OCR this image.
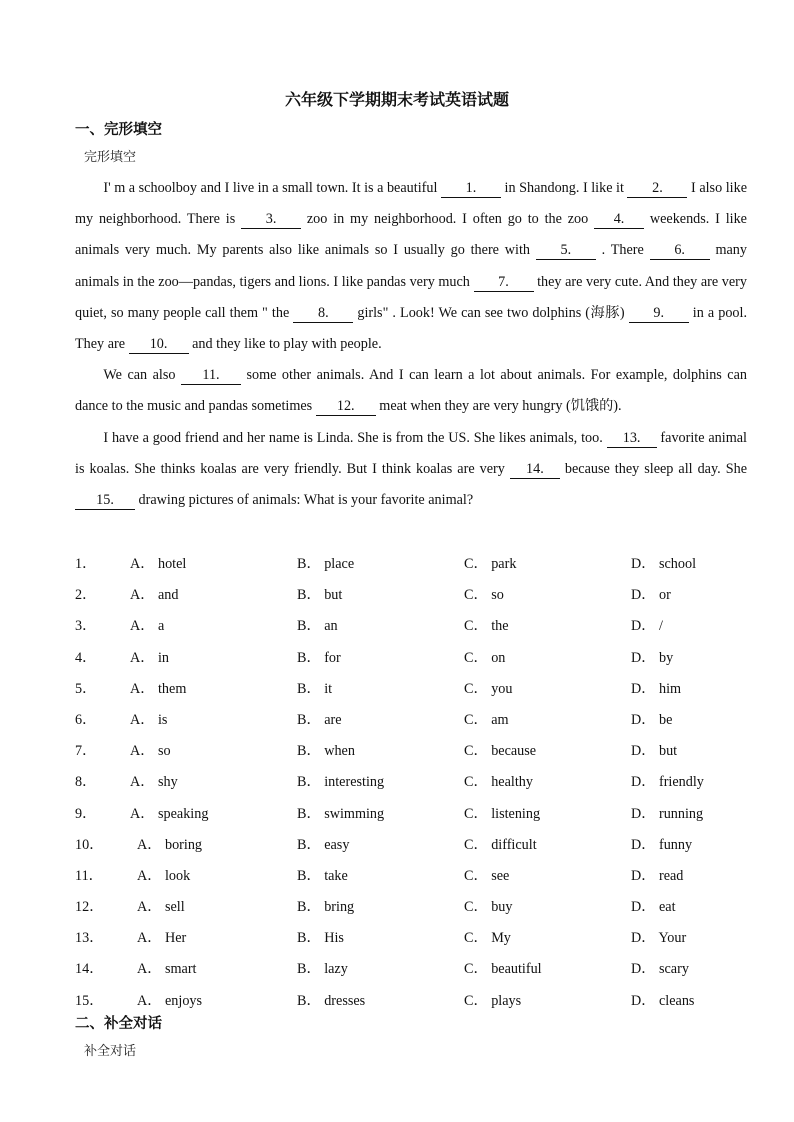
六年级下学期期末考试英语试题
一、完形填空
完形填空

I' m a schoolboy and I live in a small town. It is a beautiful 1. in Shandong. I like it 2. I also like my neighborhood. There is 3. zoo in my neighborhood. I often go to the zoo 4. weekends. I like animals very much. My parents also like animals so I usually go there with 5. . There 6. many animals in the zoo—pandas, tigers and lions. I like pandas very much 7. they are very cute. And they are very quiet, so many people call them " the 8. girls" . Look! We can see two dolphins (海豚) 9. in a pool. They are 10. and they like to play with people.

We can also 11. some other animals. And I can learn a lot about animals. For example, dolphins can dance to the music and pandas sometimes 12. meat when they are very hungry (饥饿的).

I have a good friend and her name is Linda. She is from the US. She likes animals, too. 13. favorite animal is koalas. She thinks koalas are very friendly. But I think koalas are very 14. because they sleep all day. She 15. drawing pictures of animals: What is your favorite animal?

1． A． hotel	B． place	C． park	D． school
2． A． and	B． but	C． so	D． or
3． A． a	B． an	C． the	D． /
4． A． in	B． for	C． on	D． by
5． A． them	B． it	C． you	D． him
6． A． is	B． are	C． am	D． be
7． A． so	B． when	C． because	D． but
8． A． shy	B． interesting	C． healthy	D． friendly
9． A． speaking	B． swimming	C． listening	D． running
10． A． boring	B． easy	C． difficult	D． funny
11． A． look	B． take	C． see	D． read
12． A． sell	B． bring	C． buy	D． eat
13． A． Her	B． His	C． My	D． Your
14． A． smart	B． lazy	C． beautiful	D． scary
15． A． enjoys	B． dresses	C． plays	D． cleans
二、补全对话
补全对话
